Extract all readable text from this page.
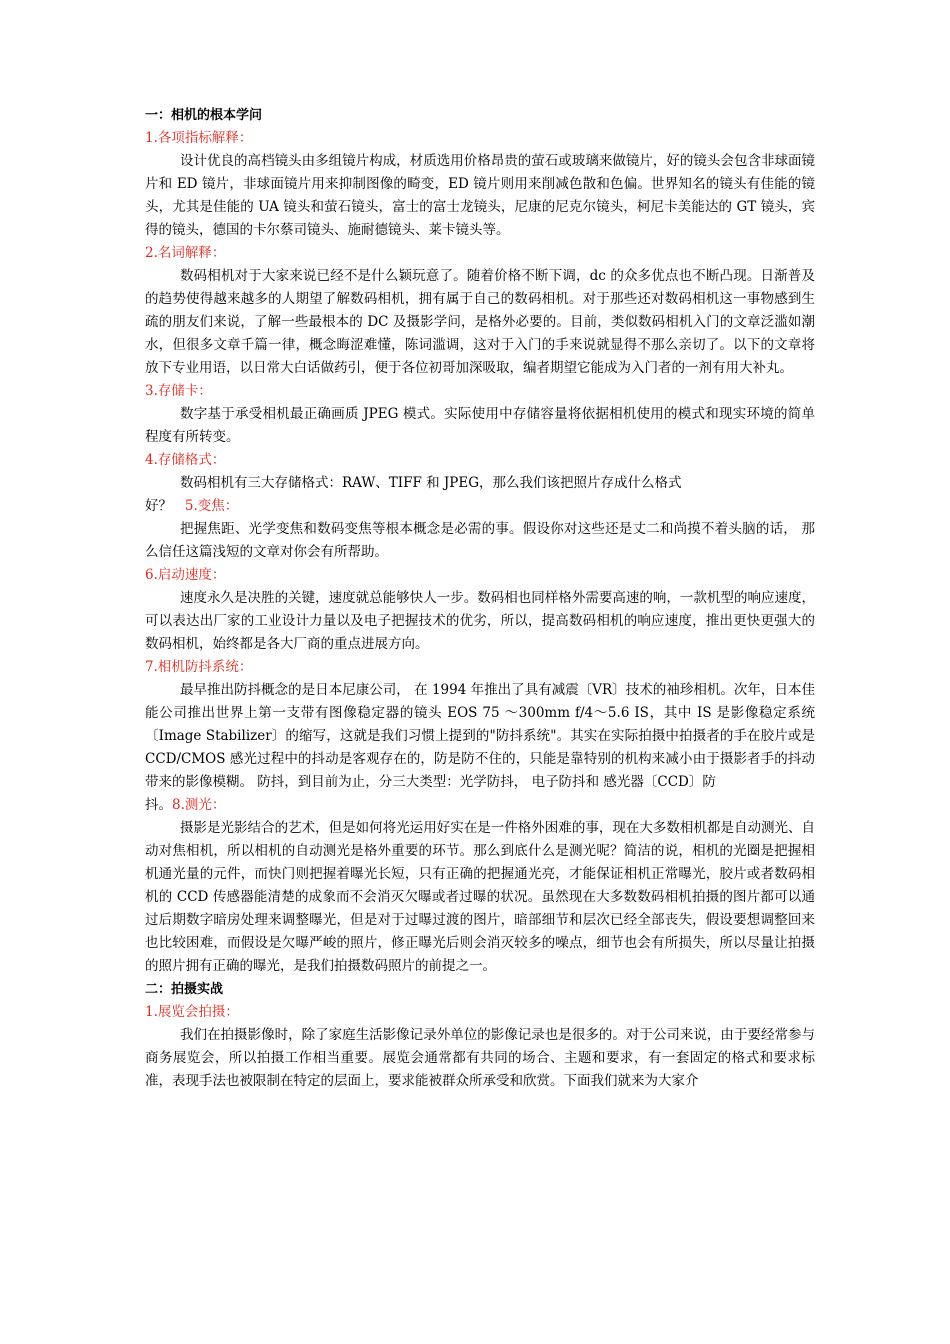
一：相机的根本学问

1.各项指标解释：

设计优良的高档镜头由多组镜片构成，材质选用价格昂贵的萤石或玻璃来做镜片，好的镜头会包含非球面镜片和 ED 镜片，非球面镜片用来抑制图像的畸变，ED 镜片则用来削减色散和色偏。世界知名的镜头有佳能的镜头，尤其是佳能的 UA 镜头和萤石镜头，富士的富士龙镜头，尼康的尼克尔镜头，柯尼卡美能达的 GT 镜头，宾得的镜头，德国的卡尔蔡司镜头、施耐德镜头、莱卡镜头等。

2.名词解释：

数码相机对于大家来说已经不是什么颖玩意了。随着价格不断下调，dc 的众多优点也不断凸现。日渐普及的趋势使得越来越多的人期望了解数码相机，拥有属于自己的数码相机。对于那些还对数码相机这一事物感到生疏的朋友们来说，了解一些最根本的 DC 及摄影学问，是格外必要的。目前，类似数码相机入门的文章泛滥如潮水，但很多文章千篇一律，概念晦涩难懂，陈词滥调，这对于入门的手来说就显得不那么亲切了。以下的文章将放下专业用语，以日常大白话做药引，便于各位初哥加深吸取，编者期望它能成为入门者的一剂有用大补丸。

3.存储卡：

数字基于承受相机最正确画质 JPEG 模式。实际使用中存储容量将依据相机使用的模式和现实环境的简单程度有所转变。

4.存储格式：

数码相机有三大存储格式：RAW、TIFF 和 JPEG，那么我们该把照片存成什么格式

好？ 5.变焦：

把握焦距、光学变焦和数码变焦等根本概念是必需的事。假设你对这些还是丈二和尚摸不着头脑的话， 那么信任这篇浅短的文章对你会有所帮助。

6.启动速度：

速度永久是决胜的关键，速度就总能够快人一步。数码相也同样格外需要高速的响，一款机型的响应速度，可以表达出厂家的工业设计力量以及电子把握技术的优劣，所以，提高数码相机的响应速度，推出更快更强大的数码相机，始终都是各大厂商的重点进展方向。

7.相机防抖系统：

最早推出防抖概念的是日本尼康公司， 在 1994 年推出了具有减震〔VR〕技术的袖珍相机。次年，日本佳能公司推出世界上第一支带有图像稳定器的镜头 EOS 75 ～300mm f/4～5.6 IS，其中 IS 是影像稳定系统〔Image Stabilizer〕的缩写，这就是我们习惯上提到的"防抖系统"。其实在实际拍摄中拍摄者的手在胶片或是 CCD/CMOS 感光过程中的抖动是客观存在的，防是防不住的，只能是靠特别的机构来减小由于摄影者手的抖动带来的影像模糊。 防抖，到目前为止，分三大类型：光学防抖， 电子防抖和 感光器〔CCD〕防

抖。8.测光：

摄影是光影结合的艺术，但是如何将光运用好实在是一件格外困难的事，现在大多数相机都是自动测光、自动对焦相机，所以相机的自动测光是格外重要的环节。那么到底什么是测光呢？简洁的说，相机的光圈是把握相机通光量的元件，而快门则把握着曝光长短，只有正确的把握通光亮，才能保证相机正常曝光，胶片或者数码相机的 CCD 传感器能清楚的成象而不会消灭欠曝或者过曝的状况。虽然现在大多数数码相机拍摄的图片都可以通过后期数字暗房处理来调整曝光，但是对于过曝过渡的图片，暗部细节和层次已经全部丧失，假设要想调整回来也比较困难，而假设是欠曝严峻的照片，修正曝光后则会消灭较多的噪点，细节也会有所损失，所以尽量让拍摄的照片拥有正确的曝光，是我们拍摄数码照片的前提之一。

二：拍摄实战

1.展览会拍摄：

我们在拍摄影像时，除了家庭生活影像记录外单位的影像记录也是很多的。对于公司来说，由于要经常参与商务展览会，所以拍摄工作相当重要。展览会通常都有共同的场合、主题和要求，有一套固定的格式和要求标准，表现手法也被限制在特定的层面上，要求能被群众所承受和欣赏。下面我们就来为大家介
